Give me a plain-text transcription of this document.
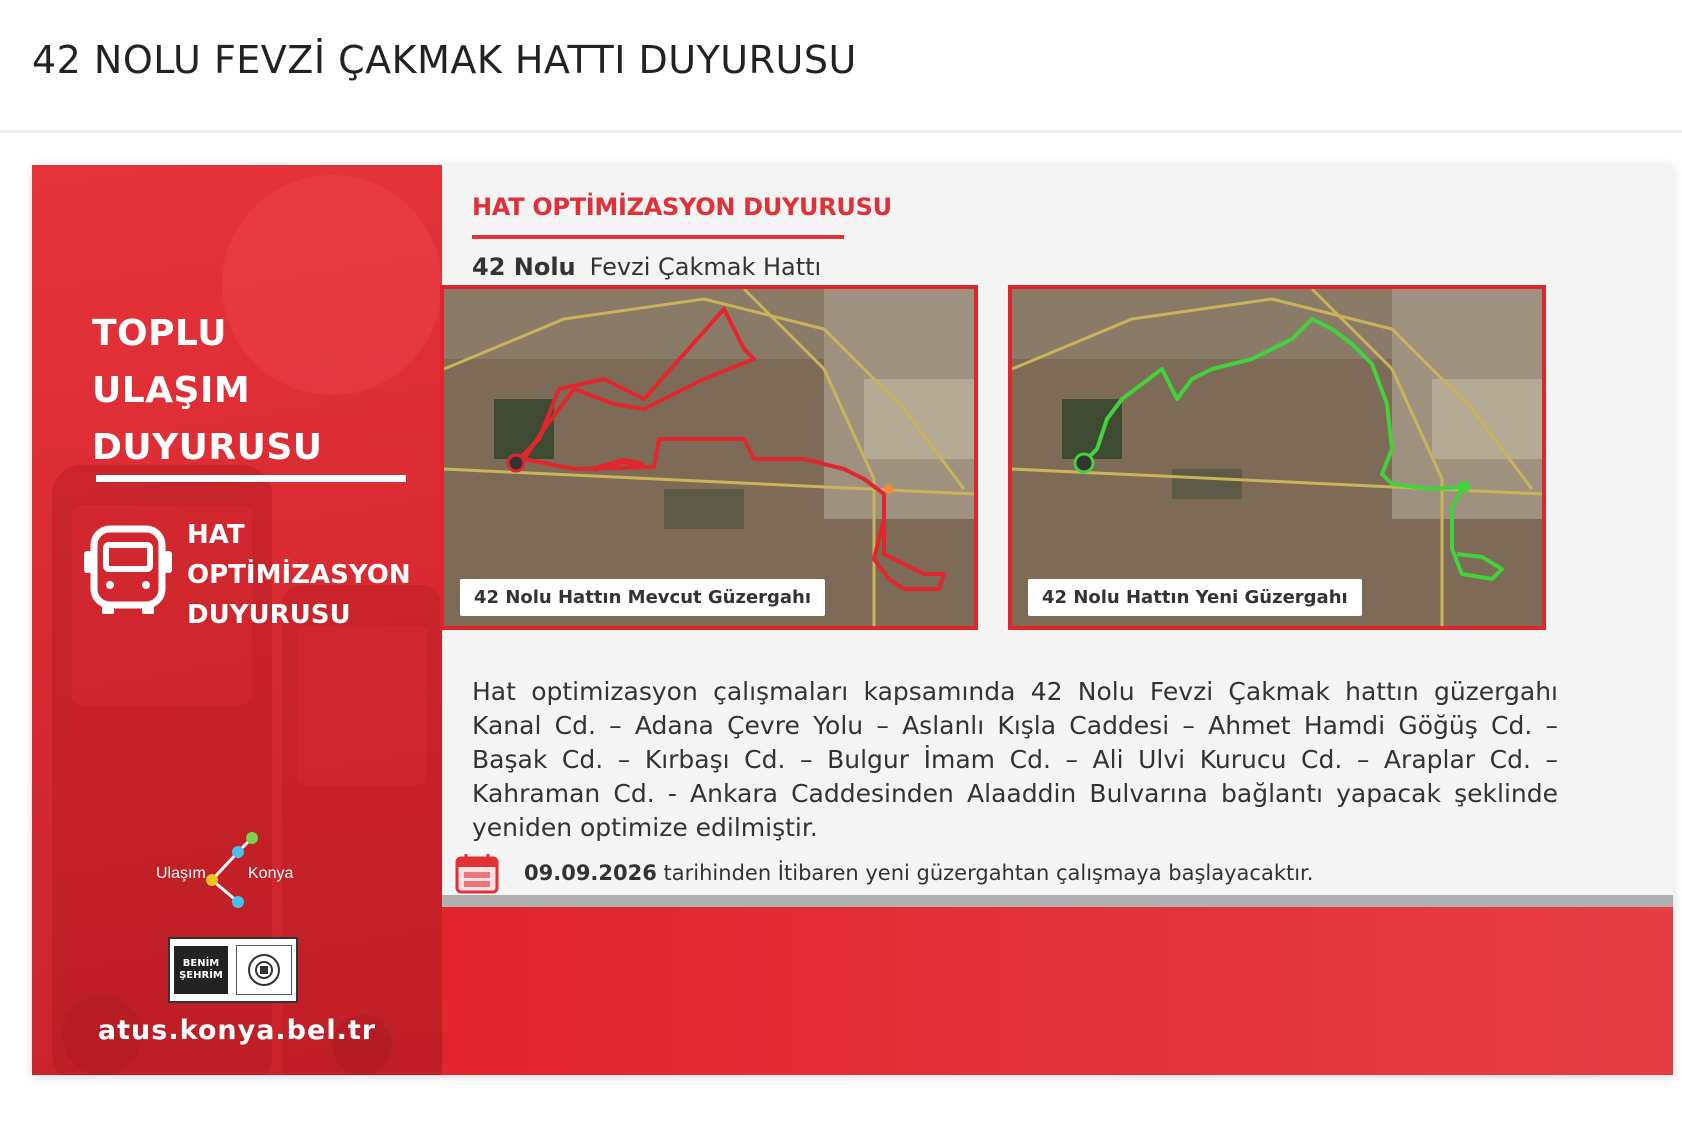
42 NOLU FEVZİ ÇAKMAK HATTI DUYURUSU
TOPLU
ULAŞIM
DUYURUSU
HAT
OPTİMİZASYON
DUYURUSU
Ulaşım	Konya
BENİM
ŞEHRİM
atus.konya.bel.tr
HAT OPTİMİZASYON DUYURUSU
42 Nolu Fevzi Çakmak Hattı
42 Nolu Hattın Mevcut Güzergahı	42 Nolu Hattın Yeni Güzergahı
Hat optimizasyon çalışmaları kapsamında 42 Nolu Fevzi Çakmak hattın güzergahı Kanal Cd. – Adana Çevre Yolu – Aslanlı Kışla Caddesi – Ahmet Hamdi Göğüş Cd. – Başak Cd. – Kırbaşı Cd. – Bulgur İmam Cd. – Ali Ulvi Kurucu Cd. – Araplar Cd. – Kahraman Cd. - Ankara Caddesinden Alaaddin Bulvarına bağlantı yapacak şeklinde yeniden optimize edilmiştir.
09.09.2026 tarihinden İtibaren yeni güzergahtan çalışmaya başlayacaktır.
